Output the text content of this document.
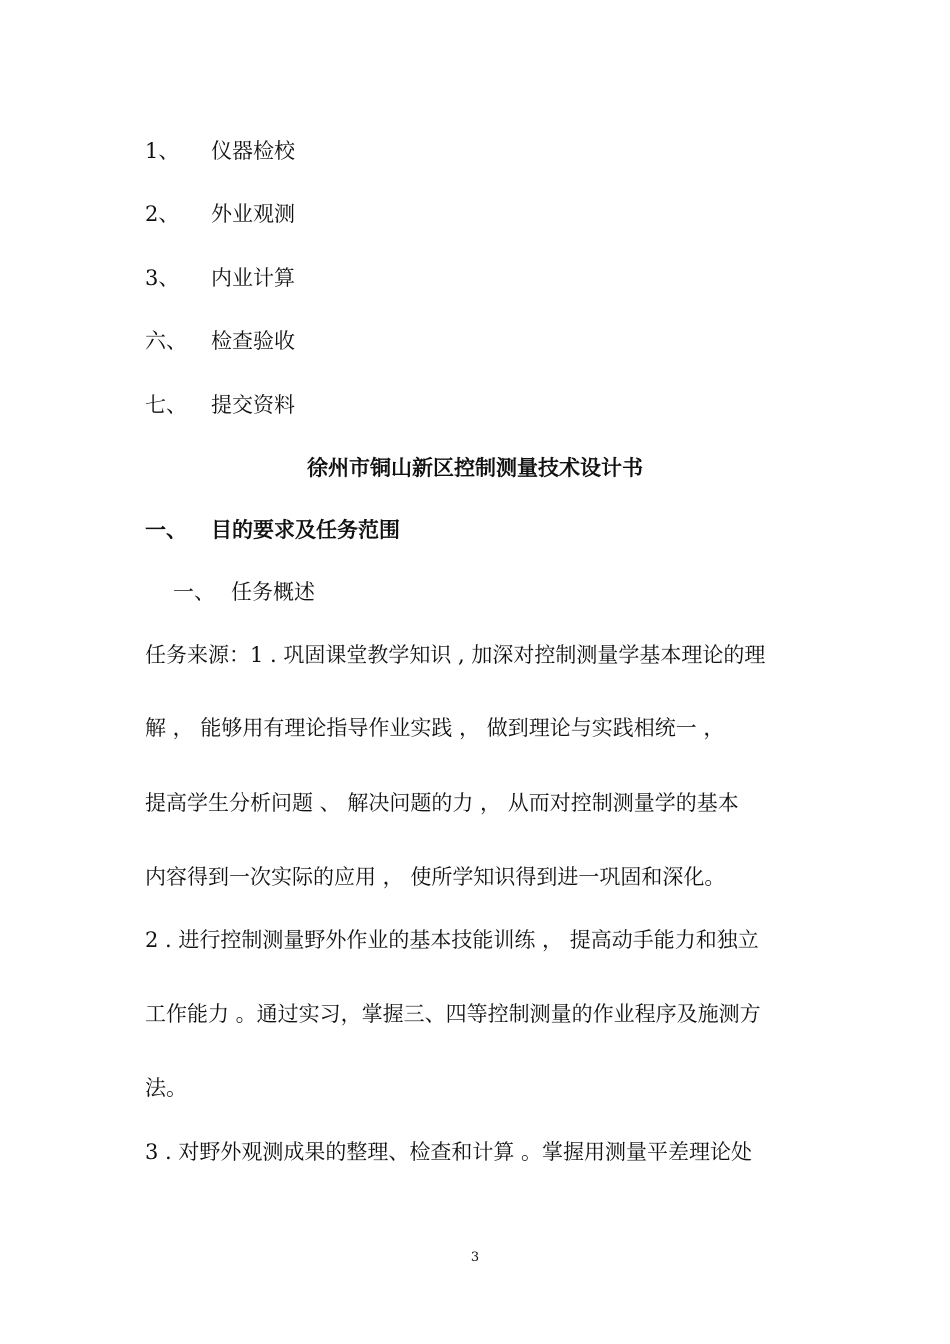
1、 仪器检校
2、 外业观测
3、 内业计算
六、 检查验收
七、 提交资料
徐州市铜山新区控制测量技术设计书
一、 目的要求及任务范围
一、 任务概述
任务来源：1 . 巩固课堂教学知识 , 加深对控制测量学基本理论的理
解 ， 能够用有理论指导作业实践 ， 做到理论与实践相统一 ，
提高学生分析问题 、 解决问题的力 ， 从而对控制测量学的基本
内容得到一次实际的应用 ， 使所学知识得到进一巩固和深化。
2 . 进行控制测量野外作业的基本技能训练 ， 提高动手能力和独立
工作能力 。通过实习，掌握三、四等控制测量的作业程序及施测方
法。
3 . 对野外观测成果的整理、检查和计算 。掌握用测量平差理论处
3
